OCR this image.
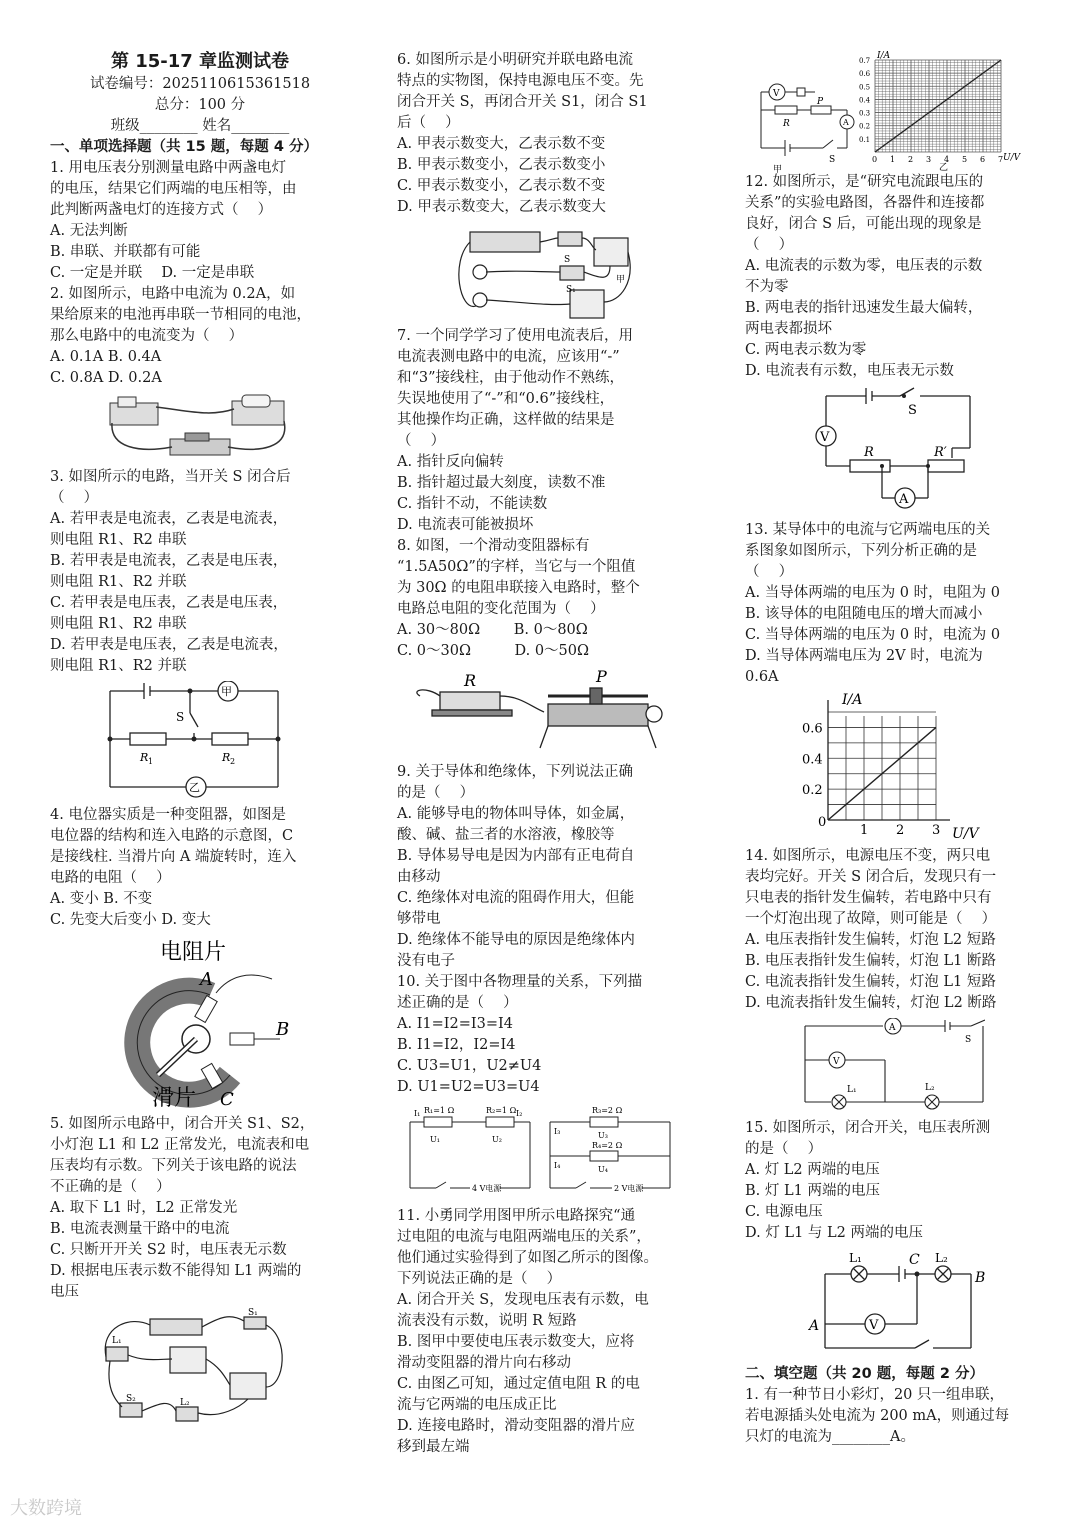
第 15-17 章监测试卷
试卷编号：2025110615361518
总分：100 分
班级________ 姓名________
一、单项选择题（共 15 题，每题 4 分）
1. 用电压表分别测量电路中两盏电灯
的电压，结果它们两端的电压相等，由
此判断两盏电灯的连接方式（　 ）
A. 无法判断
B. 串联、并联都有可能
C. 一定是并联　 D. 一定是串联
2. 如图所示，电路中电流为 0.2A，如
果给原来的电池再串联一节相同的电池，
那么电路中的电流变为（　 ）
A. 0.1A B. 0.4A
C. 0.8A D. 0.2A
3. 如图所示的电路，当开关 S 闭合后
（　 ）
A. 若甲表是电流表，乙表是电流表，
则电阻 R1、R2 串联
B. 若甲表是电流表，乙表是电压表，
则电阻 R1、R2 并联
C. 若甲表是电压表，乙表是电压表，
则电阻 R1、R2 串联
D. 若甲表是电压表，乙表是电流表，
则电阻 R1、R2 并联
甲
乙
S
R 1	R 2
4. 电位器实质是一种变阻器，如图是
电位器的结构和连入电路的示意图，C
是接线柱. 当滑片向 A 端旋转时，连入
电路的电阻（　 ）
A. 变小 B. 不变
C. 先变大后变小 D. 变大
电阻片
A
B
C
滑片
5. 如图所示电路中，闭合开关 S1、S2，
小灯泡 L1 和 L2 正常发光，电流表和电
压表均有示数。下列关于该电路的说法
不正确的是（　 ）
A. 取下 L1 时，L2 正常发光
B. 电流表测量干路中的电流
C. 只断开开关 S2 时，电压表无示数
D. 根据电压表示数不能得知 L1 两端的
电压
L₁
S₁
S₂	L₂
6. 如图所示是小明研究并联电路电流
特点的实物图，保持电源电压不变。先
闭合开关 S，再闭合开关 S1，闭合 S1
后（　 ）
A. 甲表示数变大，乙表示数不变
B. 甲表示数变小，乙表示数变小
C. 甲表示数变小，乙表示数不变
D. 甲表示数变大，乙表示数变大
甲
S
S₁
7. 一个同学学习了使用电流表后，用
电流表测电路中的电流，应该用“-”
和“3”接线柱，由于他动作不熟练，
失误地使用了“-”和“0.6”接线柱，
其他操作均正确，这样做的结果是
（　 ）
A. 指针反向偏转
B. 指针超过最大刻度，读数不准
C. 指针不动，不能读数
D. 电流表可能被损坏
8. 如图，一个滑动变阻器标有
“1.5A50Ω”的字样，当它与一个阻值
为 30Ω 的电阻串联接入电路时，整个
电路总电阻的变化范围为（　 ）
A. 30～80Ω　　 B. 0～80Ω
C. 0～30Ω　　　D. 0～50Ω
R	P
9. 关于导体和绝缘体，下列说法正确
的是（　 ）
A. 能够导电的物体叫导体，如金属，
酸、碱、盐三者的水溶液，橡胶等
B. 导体易导电是因为内部有正电荷自
由移动
C. 绝缘体对电流的阻碍作用大，但能
够带电
D. 绝缘体不能导电的原因是绝缘体内
没有电子
10. 关于图中各物理量的关系，下列描
述正确的是（　 ）
A. I1=I2=I3=I4
B. I1=I2，I2=I4
C. U3=U1，U2≠U4
D. U1=U2=U3=U4
R₁=1 Ω	R₂=1 Ω
U₁	U₂
I₁	I₂
4 V电源
R₃=2 Ω
R₄=2 Ω
U₃
U₄
I₃
I₄
2 V电源
11. 小勇同学用图甲所示电路探究“通
过电阻的电流与电阻两端电压的关系”，
他们通过实验得到了如图乙所示的图像。
下列说法正确的是（　 ）
A. 闭合开关 S，发现电压表有示数，电
流表没有示数，说明 R 短路
B. 图甲中要使电压表示数变大，应将
滑动变阻器的滑片向右移动
C. 由图乙可知，通过定值电阻 R 的电
流与它两端的电压成正比
D. 连接电路时，滑动变阻器的滑片应
移到最左端
V
A
R
P
S
甲
0 1 2 3 4 5 6 7
0.7
0.6
0.5
0.4
0.3
0.2
0.1
I/A
U/V
乙
12. 如图所示，是“研究电流跟电压的
关系”的实验电路图，各器件和连接都
良好，闭合 S 后，可能出现的现象是
（　 ）
A. 电流表的示数为零，电压表的示数
不为零
B. 两电表的指针迅速发生最大偏转，
两电表都损坏
C. 两电表示数为零
D. 电流表有示数，电压表无示数
V
A
S
R	R′
13. 某导体中的电流与它两端电压的关
系图象如图所示，下列分析正确的是
（　 ）
A. 当导体两端的电压为 0 时，电阻为 0
B. 该导体的电阻随电压的增大而减小
C. 当导体两端的电压为 0 时，电流为 0
D. 当导体两端电压为 2V 时，电流为
0.6A
1 2 3
0.6
0.4
0.2
I/A
U/V
0
14. 如图所示，电源电压不变，两只电
表均完好。开关 S 闭合后，发现只有一
只电表的指针发生偏转，若电路中只有
一个灯泡出现了故障，则可能是（　 ）
A. 电压表指针发生偏转，灯泡 L2 短路
B. 电压表指针发生偏转，灯泡 L1 断路
C. 电流表指针发生偏转，灯泡 L1 短路
D. 电流表指针发生偏转，灯泡 L2 断路
A
V
S
L₁	L₂
15. 如图所示，闭合开关，电压表所测
的是（　 ）
A. 灯 L2 两端的电压
B. 灯 L1 两端的电压
C. 电源电压
D. 灯 L1 与 L2 两端的电压
L₁	L₂
C
B
A	V
二、填空题（共 20 题，每题 2 分）
1. 有一种节日小彩灯，20 只一组串联，
若电源插头处电流为 200 mA，则通过每
只灯的电流为________A。
大数跨境
